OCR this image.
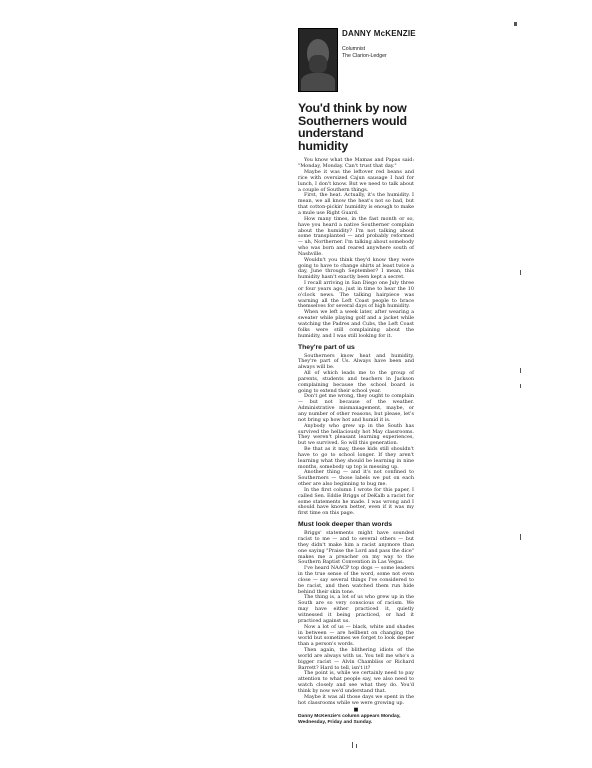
DANNY McKENZIE
Columnist
The Clarion-Ledger
You'd think by now Southerners would understand humidity

You know what the Mamas and Papas said: "Monday, Monday. Can't trust that day."

Maybe it was the leftover red beans and rice with oversized Cajun sausage I had for lunch, I don't know. But we need to talk about a couple of Southern things.

First, the heat. Actually, it's the humidity. I mean, we all know the heat's not so bad, but that cotton-pickin' humidity is enough to make a mule use Right Guard.

How many times, in the fast month or so, have you heard a native Southerner complain about the humidity? I'm not talking about some transplanted — and probably reformed — uh, Northerner. I'm talking about somebody who was born and reared anywhere south of Nashville.

Wouldn't you think they'd know they were going to have to change shirts at least twice a day, June through September? I mean, this humidity hasn't exactly been kept a secret.

I recall arriving in San Diego one July three or four years ago, just in time to hear the 10 o'clock news. The talking hairpiece was warning all the Left Coast people to brace themselves for several days of high humidity.

When we left a week later, after wearing a sweater while playing golf and a jacket while watching the Padres and Cubs, the Left Coast folks were still complaining about the humidity, and I was still looking for it.

They're part of us

Southerners know heat and humidity. They're part of Us. Always have been and always will be.

All of which leads me to the group of parents, students and teachers in Jackson complaining because the school board is going to extend their school year.

Don't get me wrong, they ought to complain — but not because of the weather. Administrative mismanagement, maybe, or any number of other reasons, but please, let's not bring up how hot and humid it is.

Anybody who grew up in the South has survived the hellaciously hot May classrooms. They weren't pleasant learning experiences, but we survived. So will this generation.

Be that as it may, these kids still shouldn't have to go to school longer. If they aren't learning what they should be learning in nine months, somebody up top is messing up.

Another thing — and it's not confined to Southerners — those labels we put on each other are also beginning to bug me.

In the first column I wrote for this paper, I called Sen. Eddie Briggs of DeKalb a racist for some statements he made. I was wrong and I should have known better, even if it was my first time on this page.

Must look deeper than words

Briggs' statements might have sounded racist to me — and to several others — but they didn't make him a racist anymore than one saying "Praise the Lord and pass the dice" makes me a preacher on my way to the Southern Baptist Convention in Las Vegas.

I've heard NAACP top dogs — some leaders in the true sense of the word, some not even close — say several things I've considered to be racist, and then watched them run hide behind their skin tone.

The thing is, a lot of us who grew up in the South are so very conscious of racism. We may have either practiced it, quietly witnessed it being practiced, or had it practiced against us.

Now a lot of us — black, white and shades in between — are hellbent on changing the world but sometimes we forget to look deeper than a person's words.

Then again, the blithering idiots of the world are always with us. You tell me who's a bigger racist — Alvin Chambliss or Richard Barrett? Hard to tell, isn't it?

The point is, while we certainly need to pay attention to what people say, we also need to watch closely and see what they do. You'd think by now we'd understand that.

Maybe it was all those days we spent in the hot classrooms while we were growing up.

■
Danny McKenzie's column appears Monday, Wednesday, Friday and Sunday.
